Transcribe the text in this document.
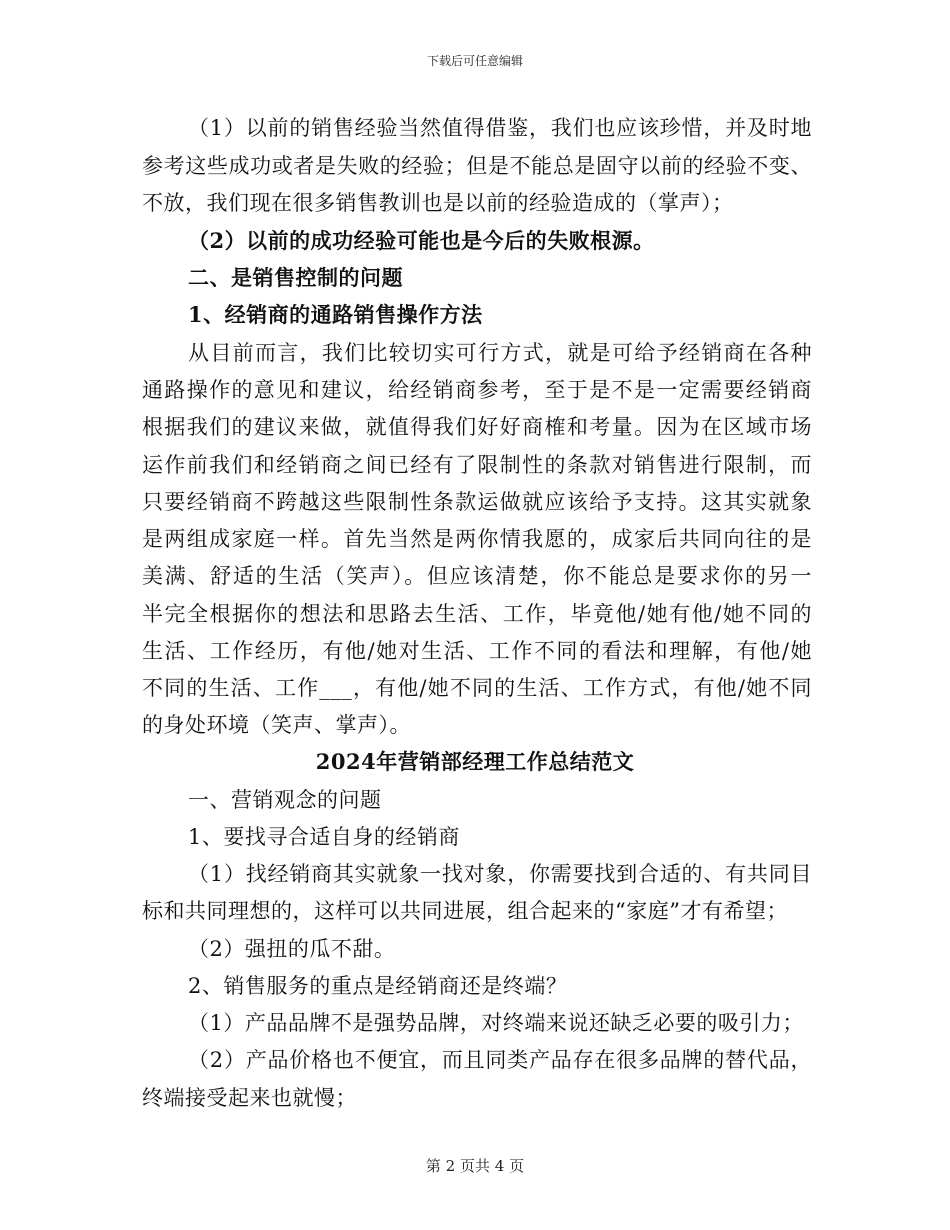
下载后可任意编辑
（1）以前的销售经验当然值得借鉴，我们也应该珍惜，并及时地
参考这些成功或者是失败的经验；但是不能总是固守以前的经验不变、
不放，我们现在很多销售教训也是以前的经验造成的（掌声）；
（2）以前的成功经验可能也是今后的失败根源。
二、是销售控制的问题
1、经销商的通路销售操作方法
从目前而言，我们比较切实可行方式，就是可给予经销商在各种
通路操作的意见和建议，给经销商参考，至于是不是一定需要经销商
根据我们的建议来做，就值得我们好好商榷和考量。因为在区域市场
运作前我们和经销商之间已经有了限制性的条款对销售进行限制，而
只要经销商不跨越这些限制性条款运做就应该给予支持。这其实就象
是两组成家庭一样。首先当然是两你情我愿的，成家后共同向往的是
美满、舒适的生活（笑声）。但应该清楚，你不能总是要求你的另一
半完全根据你的想法和思路去生活、工作，毕竟他/她有他/她不同的
生活、工作经历，有他/她对生活、工作不同的看法和理解，有他/她
不同的生活、工作___，有他/她不同的生活、工作方式，有他/她不同
的身处环境（笑声、掌声）。
2024年营销部经理工作总结范文
一、营销观念的问题
1、要找寻合适自身的经销商
（1）找经销商其实就象一找对象，你需要找到合适的、有共同目
标和共同理想的，这样可以共同进展，组合起来的“家庭”才有希望；
（2）强扭的瓜不甜。
2、销售服务的重点是经销商还是终端？
（1）产品品牌不是强势品牌，对终端来说还缺乏必要的吸引力；
（2）产品价格也不便宜，而且同类产品存在很多品牌的替代品，
终端接受起来也就慢；
第 2 页共 4 页
